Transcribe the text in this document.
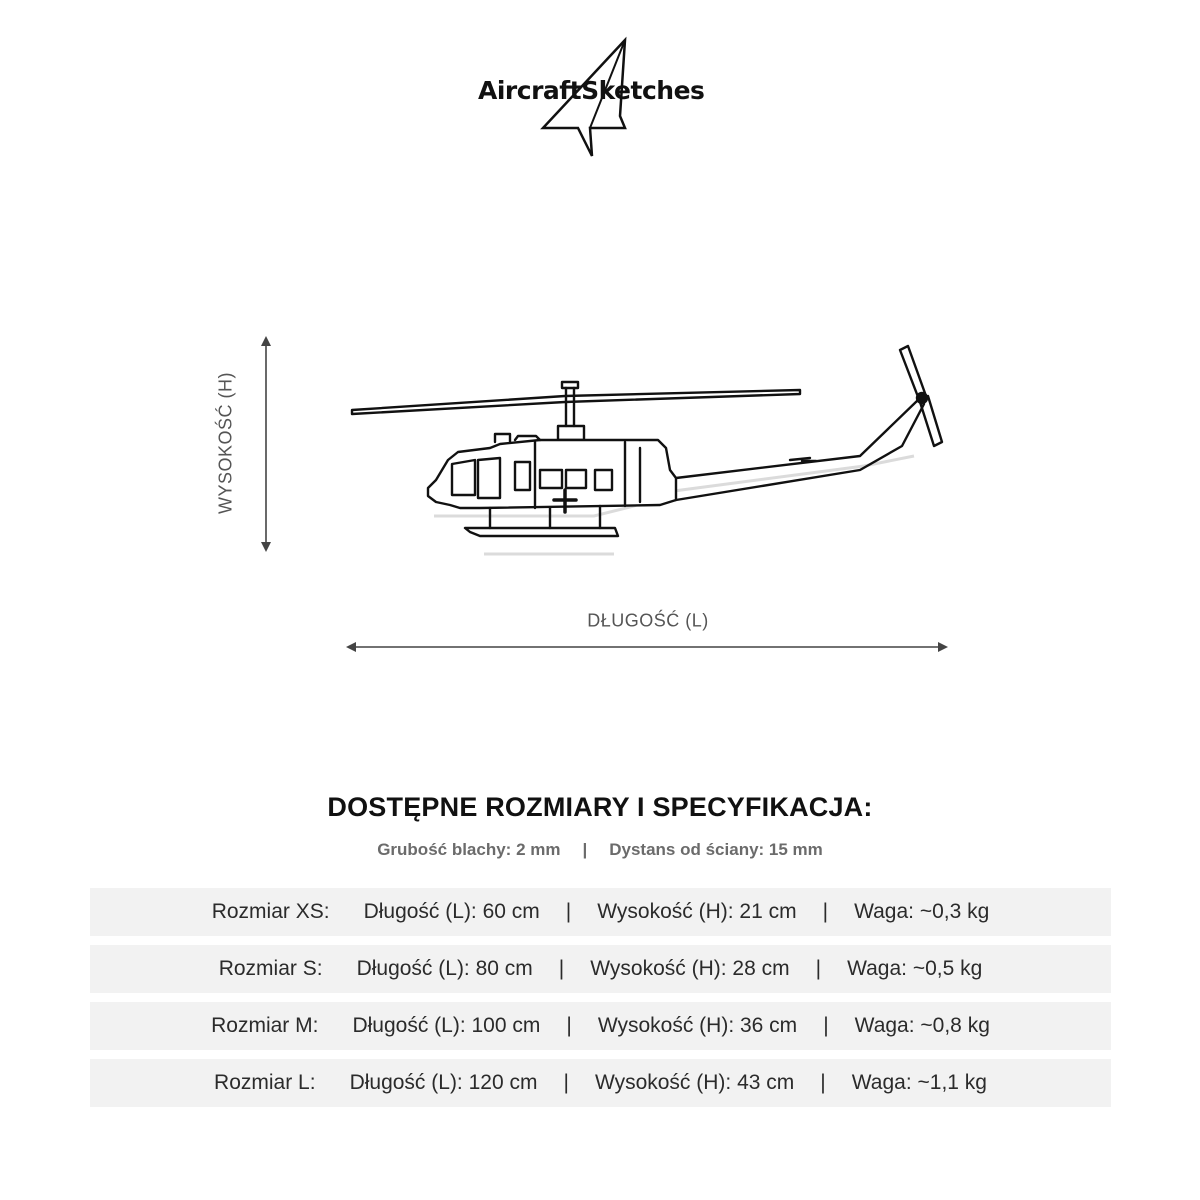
AircraftSketches
WYSOKOŚĆ (H)
DŁUGOŚĆ (L)
DOSTĘPNE ROZMIARY I SPECYFIKACJA:
Grubość blachy: 2 mm | Dystans od ściany: 15 mm
Rozmiar XS: Długość (L): 60 cm | Wysokość (H): 21 cm | Waga: ~0,3 kg
Rozmiar S: Długość (L): 80 cm | Wysokość (H): 28 cm | Waga: ~0,5 kg
Rozmiar M: Długość (L): 100 cm | Wysokość (H): 36 cm | Waga: ~0,8 kg
Rozmiar L: Długość (L): 120 cm | Wysokość (H): 43 cm | Waga: ~1,1 kg
